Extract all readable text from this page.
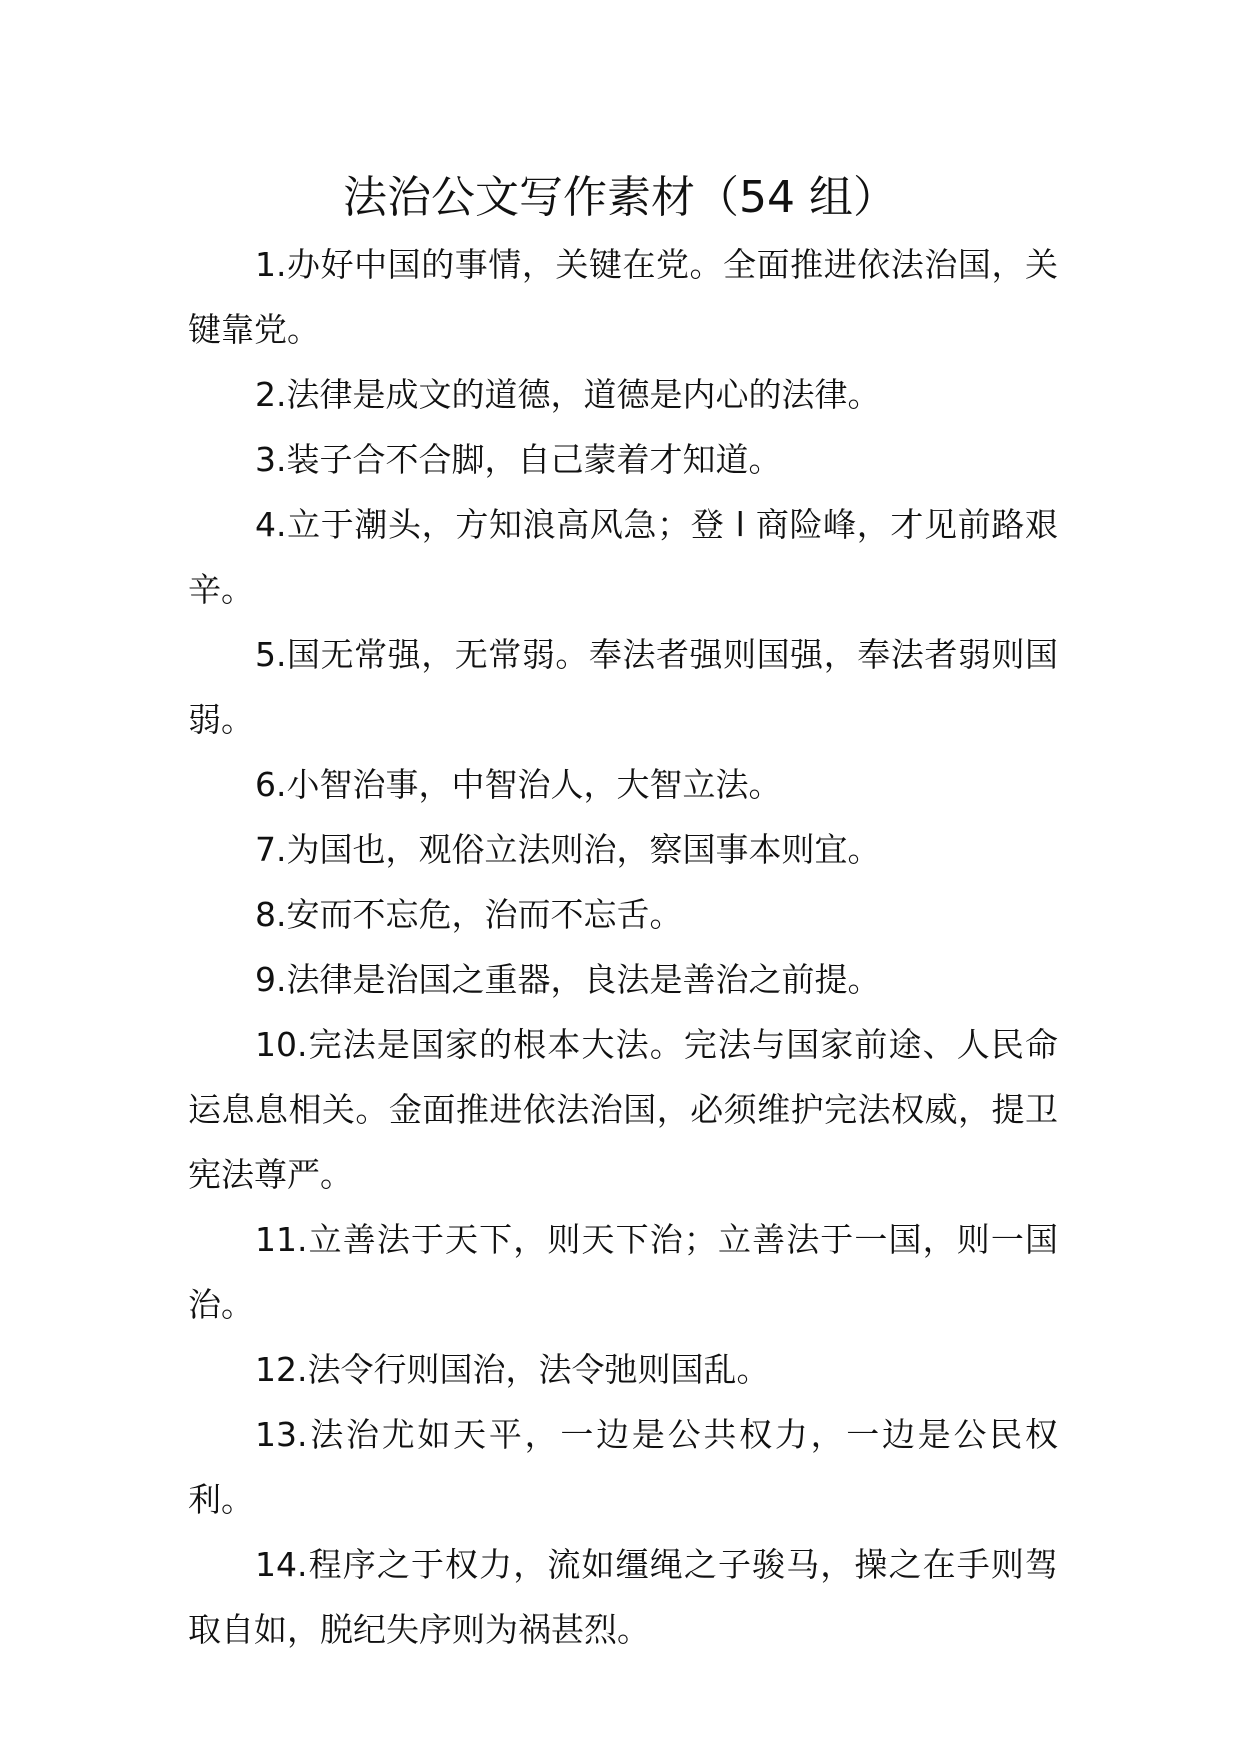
法治公文写作素材（54 组）

1.办好中国的事情，关键在党。全面推进依法治国，关键靠党。

2.法律是成文的道德，道德是内心的法律。

3.装子合不合脚，自己蒙着才知道。

4.立于潮头，方知浪高风急；登 l 商险峰，才见前路艰辛。

5.国无常强，无常弱。奉法者强则国强，奉法者弱则国弱。

6.小智治事，中智治人，大智立法。

7.为国也，观俗立法则治，察国事本则宜。

8.安而不忘危，治而不忘舌。

9.法律是治国之重器，良法是善治之前提。

10.完法是国家的根本大法。完法与国家前途、人民命运息息相关。金面推进依法治国，必须维护完法权威，提卫宪法尊严。

11.立善法于天下，则天下治；立善法于一国，则一国治。

12.法令行则国治，法令弛则国乱。

13.法治尤如天平，一边是公共权力，一边是公民权利。

14.程序之于权力，流如缰绳之子骏马，操之在手则驾取自如，脱纪失序则为祸甚烈。
